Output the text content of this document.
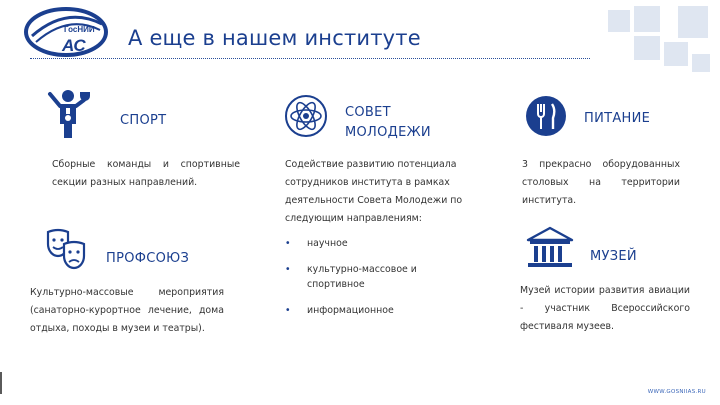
ГосНИИ
АС А еще в нашем институте
СПОРТ

Сборные команды и спортивные секции разных направлений.

СОВЕТ
МОЛОДЕЖИ

Содействие развитию потенциала сотрудников института в рамках деятельности Совета Молодежи по следующим направлениям:

• научное
• культурно-массовое и спортивное
• информационное
ПИТАНИЕ

3 прекрасно оборудованных столовых на территории института.

ПРОФСОЮЗ

Культурно-массовые мероприятия (санаторно-курортное лечение, дома отдыха, походы в музеи и театры).

МУЗЕЙ

Музей истории развития авиации - участник Всероссийского фестиваля музеев.

WWW.GOSNIIAS.RU
